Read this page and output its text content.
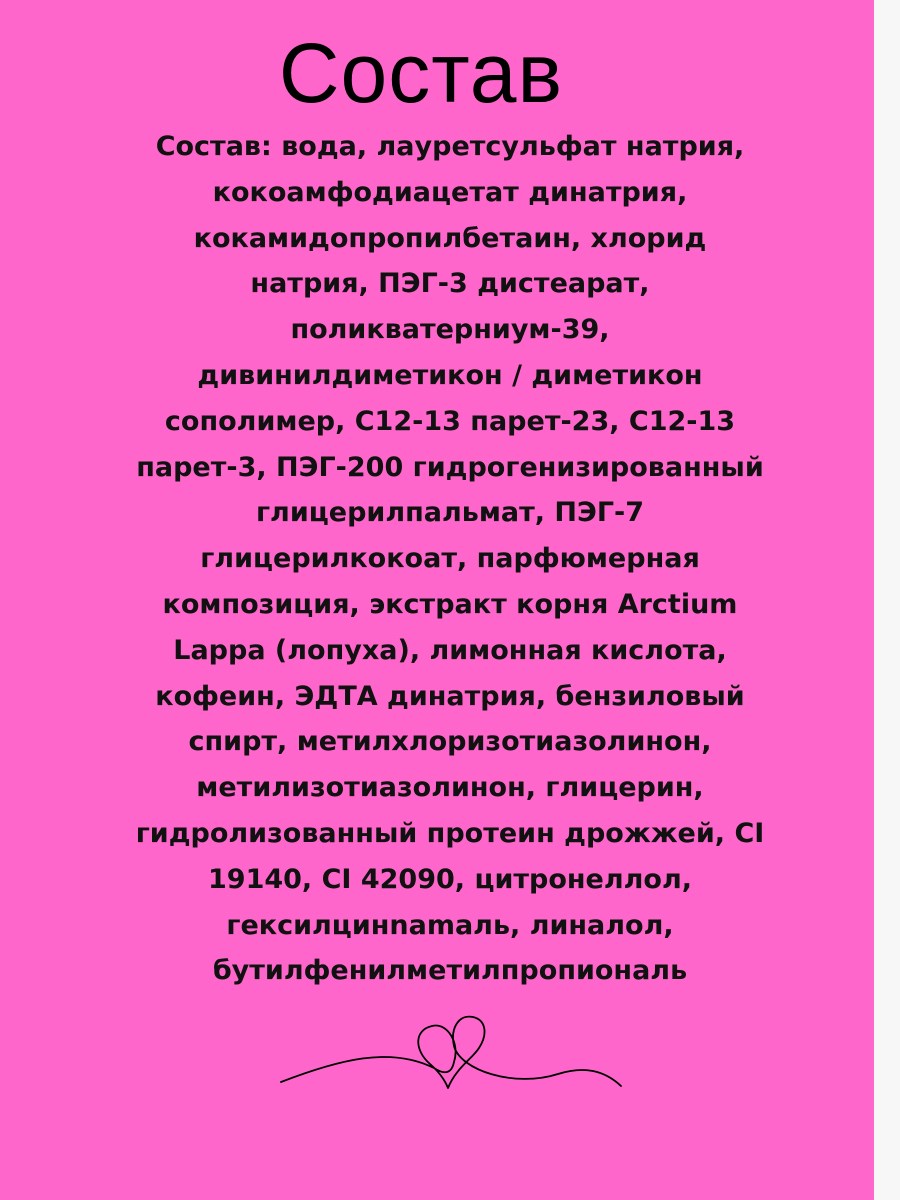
Состав
Состав: вода, лауретсульфат натрия,
кокоамфодиацетат динатрия,
кокамидопропилбетаин, хлорид
натрия, ПЭГ-3 дистеарат,
поликватерниум-39,
дивинилдиметикон / диметикон
сополимер, С12-13 парет-23, С12-13
парет-3, ПЭГ-200 гидрогенизированный
глицерилпальмат, ПЭГ-7
глицерилкокоат, парфюмерная
композиция, экстракт корня Arctium
Lappa (лопуха), лимонная кислота,
кофеин, ЭДТА динатрия, бензиловый
спирт, метилхлоризотиазолинон,
метилизотиазолинон, глицерин,
гидролизованный протеин дрожжей, CI
19140, CI 42090, цитронеллол,
гексилцинnamаль, линалол,
бутилфенилметилпропиональ
